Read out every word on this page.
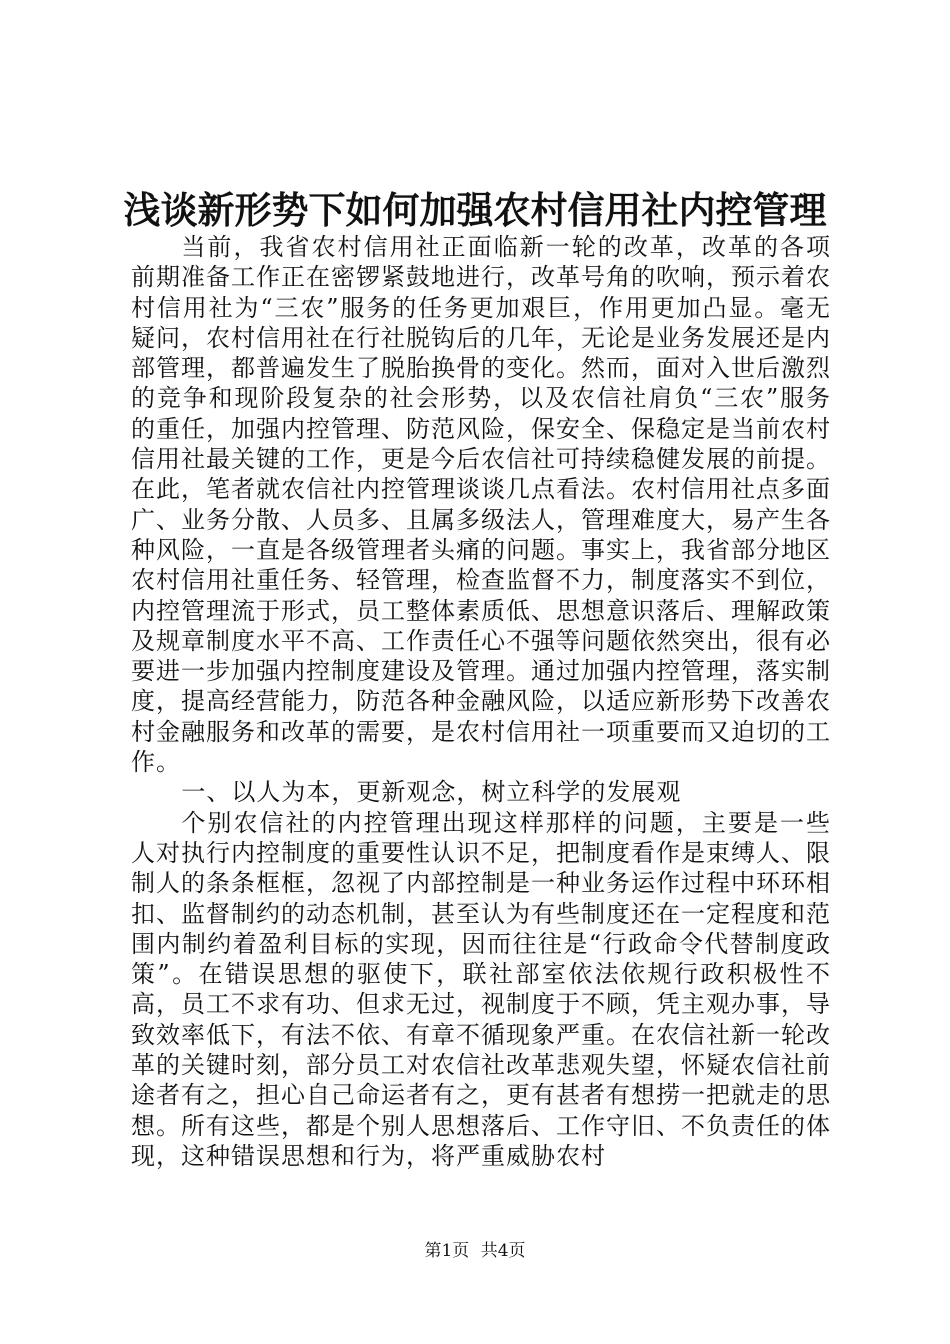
浅谈新形势下如何加强农村信用社内控管理

当前，我省农村信用社正面临新一轮的改革，改革的各项前期准备工作正在密锣紧鼓地进行，改革号角的吹响，预示着农村信用社为“三农”服务的任务更加艰巨，作用更加凸显。毫无疑问，农村信用社在行社脱钩后的几年，无论是业务发展还是内部管理，都普遍发生了脱胎换骨的变化。然而，面对入世后激烈的竞争和现阶段复杂的社会形势，以及农信社肩负“三农”服务的重任，加强内控管理、防范风险，保安全、保稳定是当前农村信用社最关键的工作，更是今后农信社可持续稳健发展的前提。在此，笔者就农信社内控管理谈谈几点看法。农村信用社点多面广、业务分散、人员多、且属多级法人，管理难度大，易产生各种风险，一直是各级管理者头痛的问题。事实上，我省部分地区农村信用社重任务、轻管理，检查监督不力，制度落实不到位，内控管理流于形式，员工整体素质低、思想意识落后、理解政策及规章制度水平不高、工作责任心不强等问题依然突出，很有必要进一步加强内控制度建设及管理。通过加强内控管理，落实制度，提高经营能力，防范各种金融风险，以适应新形势下改善农村金融服务和改革的需要，是农村信用社一项重要而又迫切的工作。

一、以人为本，更新观念，树立科学的发展观

个别农信社的内控管理出现这样那样的问题，主要是一些人对执行内控制度的重要性认识不足，把制度看作是束缚人、限制人的条条框框，忽视了内部控制是一种业务运作过程中环环相扣、监督制约的动态机制，甚至认为有些制度还在一定程度和范围内制约着盈利目标的实现，因而往往是“行政命令代替制度政策”。在错误思想的驱使下，联社部室依法依规行政积极性不高，员工不求有功、但求无过，视制度于不顾，凭主观办事，导致效率低下，有法不依、有章不循现象严重。在农信社新一轮改革的关键时刻，部分员工对农信社改革悲观失望，怀疑农信社前途者有之，担心自己命运者有之，更有甚者有想捞一把就走的思想。所有这些，都是个别人思想落后、工作守旧、不负责任的体现，这种错误思想和行为，将严重威胁农村

第1页 共4页
